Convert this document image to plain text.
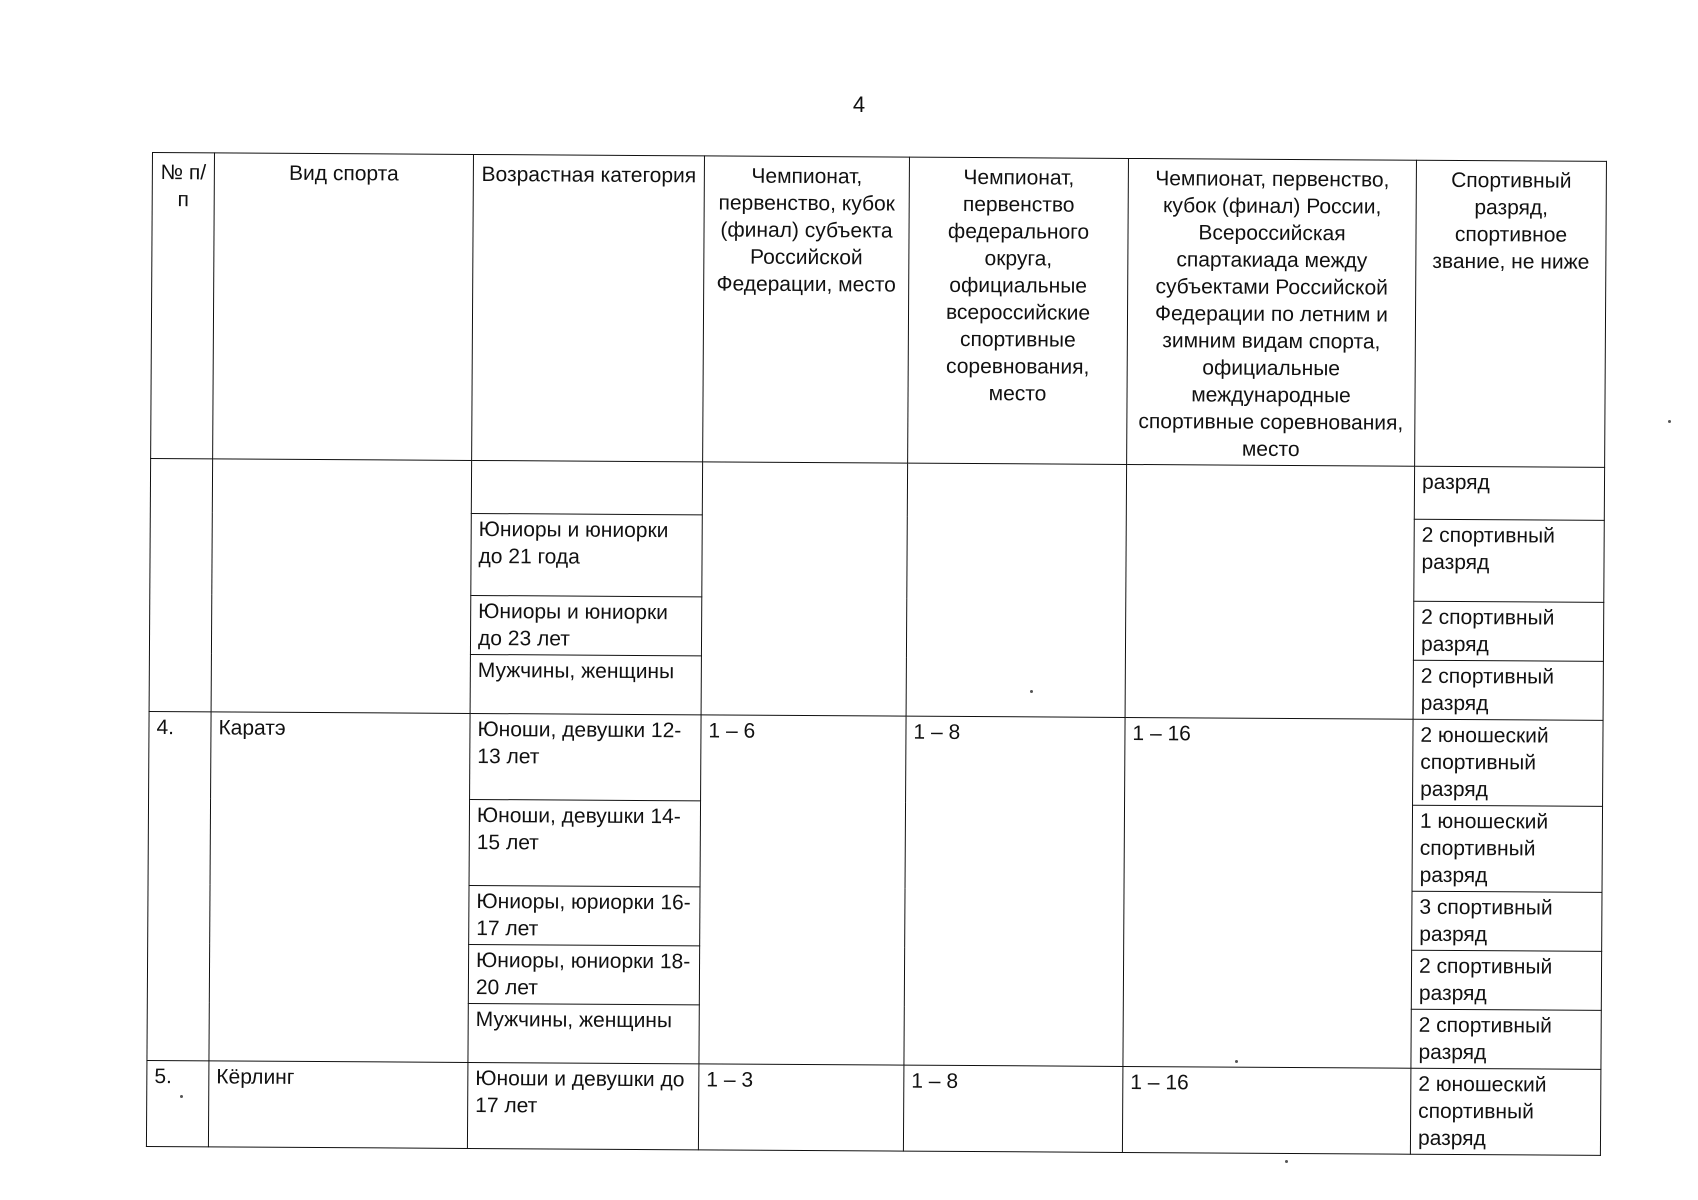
4
№ п/п	Вид спорта	Возрастная категория	Чемпионат, первенство, кубок (финал) субъекта Российской Федерации, место	Чемпионат, первенство федерального округа, официальные всероссийские спортивные соревнования, место	Чемпионат, первенство, кубок (финал) России, Всероссийская спартакиада между субъектами Российской Федерации по летним и зимним видам спорта, официальные международные спортивные соревнования, место	Спортивный разряд, спортивное звание, не ниже
						разряд
		Юниоры и юниорки до 21 года				2 спортивный разряд
		Юниоры и юниорки до 23 лет				2 спортивный разряд
		Мужчины, женщины				2 спортивный разряд
4.	Каратэ	Юноши, девушки 12-13 лет	1 – 6	1 – 8	1 – 16	2 юношеский спортивный разряд
		Юноши, девушки 14-15 лет				1 юношеский спортивный разряд
		Юниоры, юриорки 16-17 лет				3 спортивный разряд
		Юниоры, юниорки 18-20 лет				2 спортивный разряд
		Мужчины, женщины				2 спортивный разряд
5.	Кёрлинг	Юноши и девушки до 17 лет	1 – 3	1 – 8	1 – 16	2 юношеский спортивный разряд
